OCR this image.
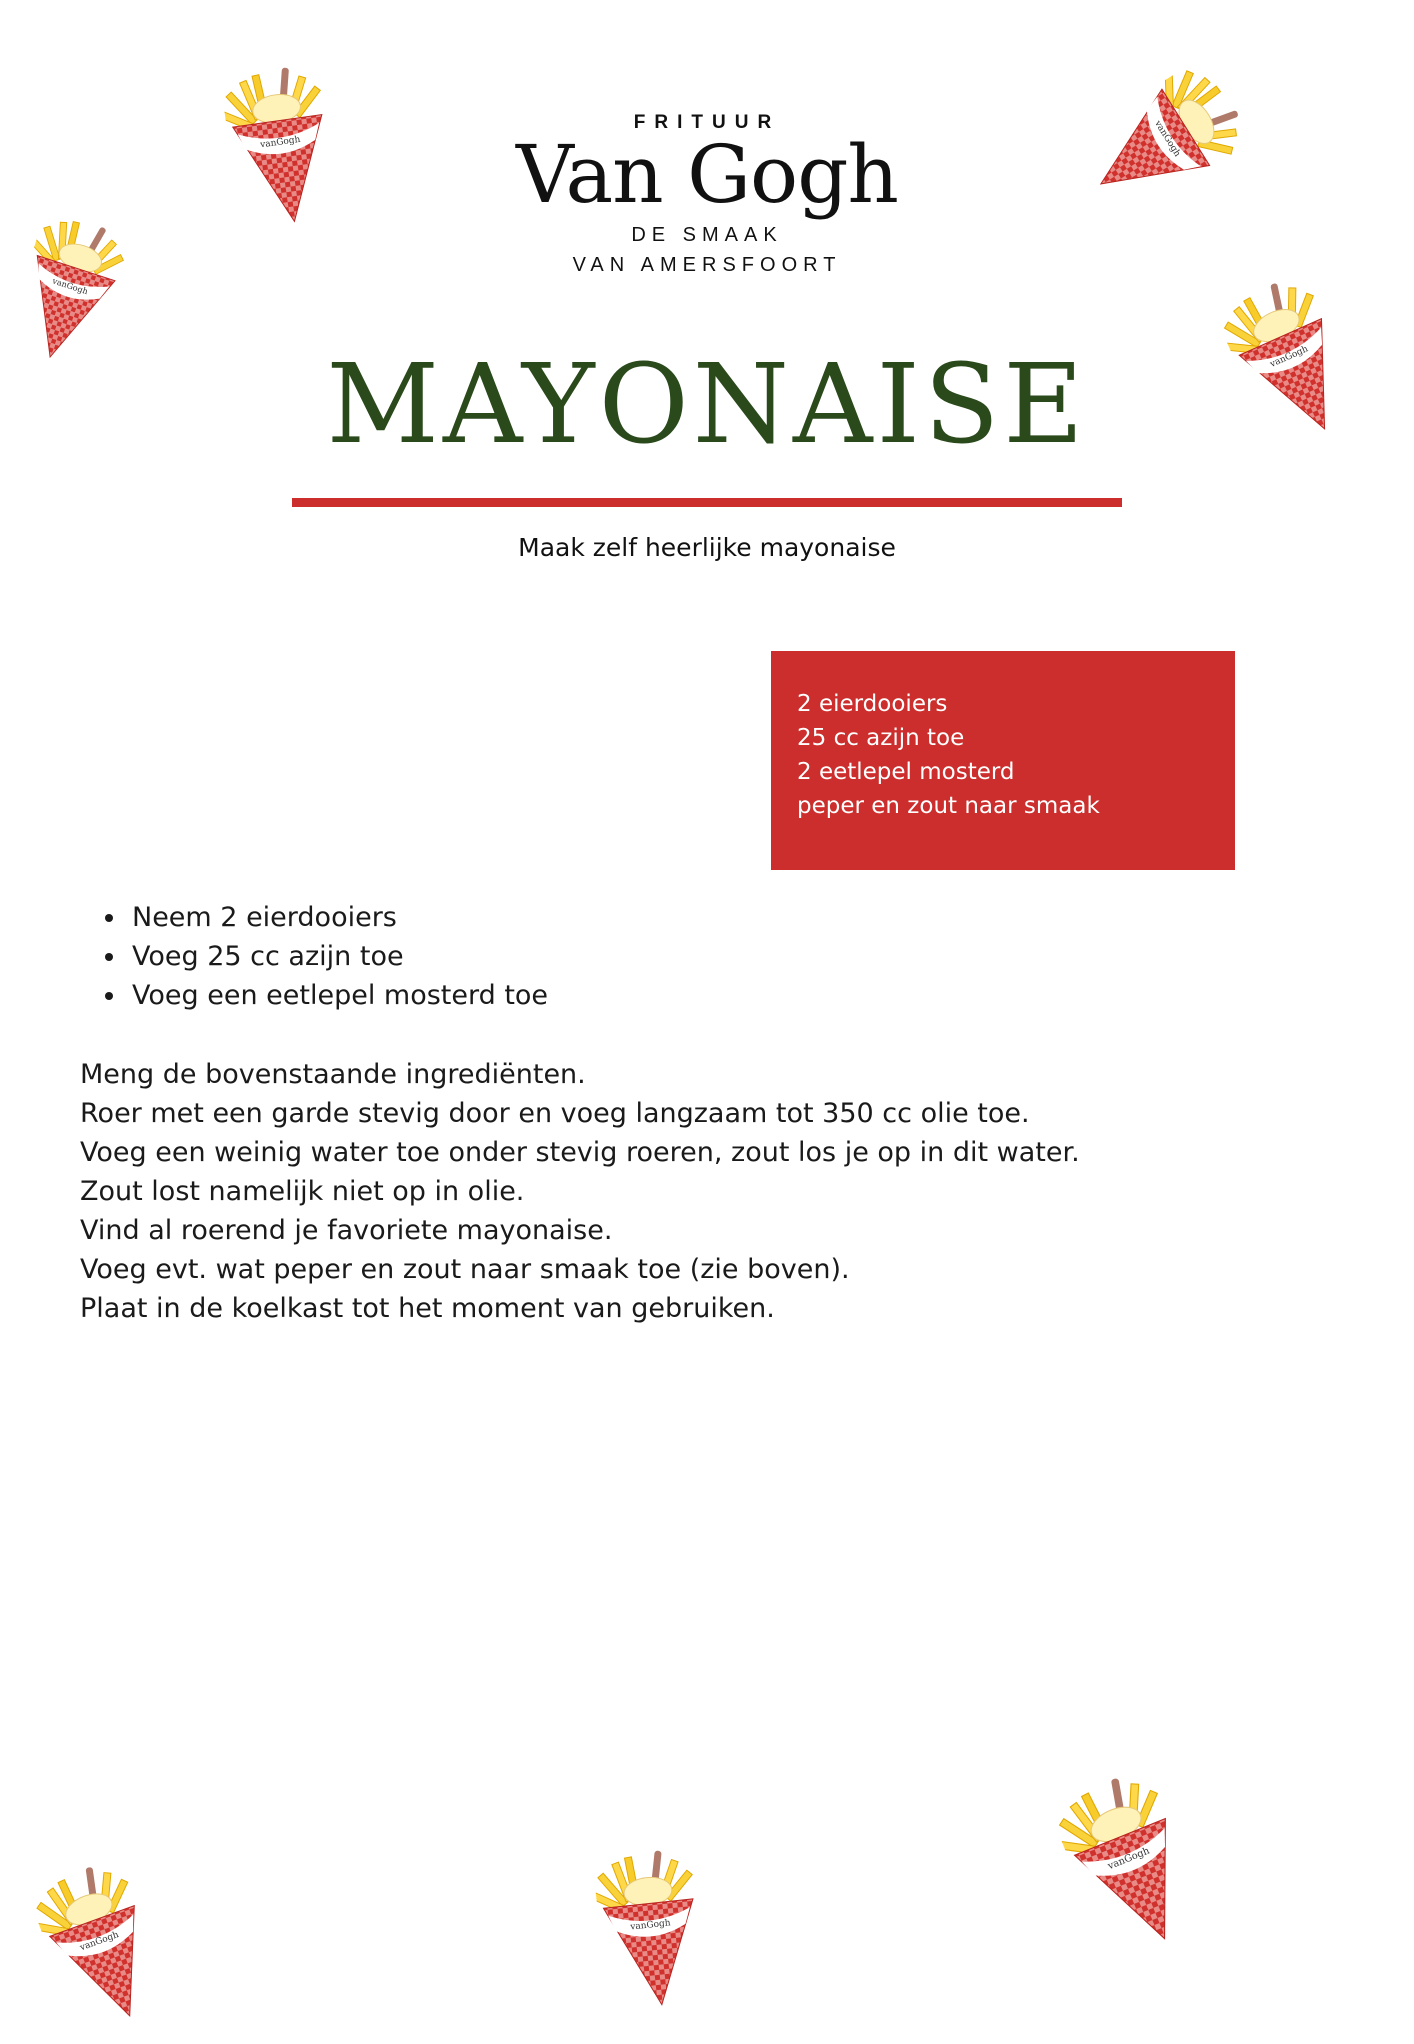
FRITUUR
Van Gogh
DE SMAAK
VAN AMERSFOORT
MAYONAISE
Maak zelf heerlijke mayonaise
2 eierdooiers
25 cc azijn toe
2 eetlepel mosterd
peper en zout naar smaak
• Neem 2 eierdooiers
• Voeg 25 cc azijn toe
• Voeg een eetlepel mosterd toe

Meng de bovenstaande ingrediënten.

Roer met een garde stevig door en voeg langzaam tot 350 cc olie toe.

Voeg een weinig water toe onder stevig roeren, zout los je op in dit water.

Zout lost namelijk niet op in olie.

Vind al roerend je favoriete mayonaise.

Voeg evt. wat peper en zout naar smaak toe (zie boven).

Plaat in de koelkast tot het moment van gebruiken.
